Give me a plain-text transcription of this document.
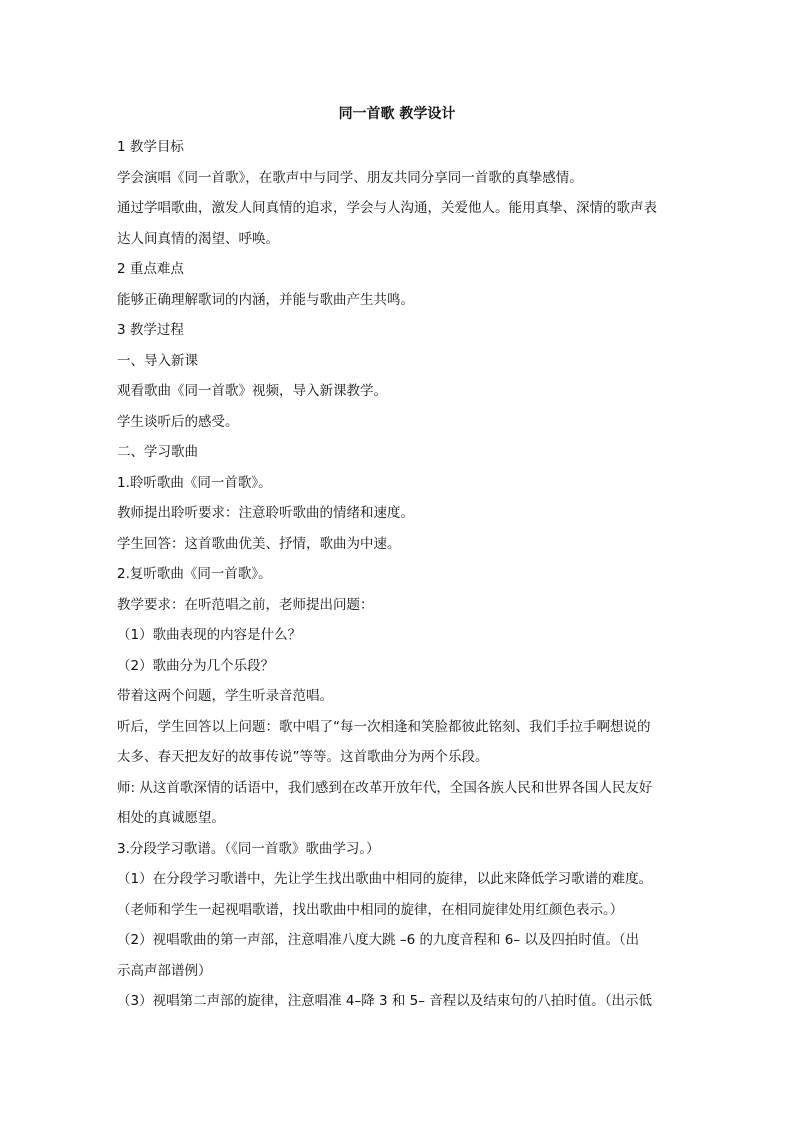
同一首歌 教学设计
1 教学目标
学会演唱《同一首歌》，在歌声中与同学、朋友共同分享同一首歌的真挚感情。
通过学唱歌曲，激发人间真情的追求，学会与人沟通，关爱他人。能用真挚、深情的歌声表
达人间真情的渴望、呼唤。
2 重点难点
能够正确理解歌词的内涵，并能与歌曲产生共鸣。
3 教学过程
一、导入新课
观看歌曲《同一首歌》视频，导入新课教学。
学生谈听后的感受。
二、学习歌曲
1.聆听歌曲《同一首歌》。
教师提出聆听要求：注意聆听歌曲的情绪和速度。
学生回答：这首歌曲优美、抒情，歌曲为中速。
2.复听歌曲《同一首歌》。
教学要求：在听范唱之前，老师提出问题：
（1）歌曲表现的内容是什么？
（2）歌曲分为几个乐段？
带着这两个问题，学生听录音范唱。
听后，学生回答以上问题：歌中唱了“每一次相逢和笑脸都彼此铭刻、我们手拉手啊想说的
太多、春天把友好的故事传说”等等。这首歌曲分为两个乐段。
师: 从这首歌深情的话语中，我们感到在改革开放年代，全国各族人民和世界各国人民友好
相处的真诚愿望。
3.分段学习歌谱。（《同一首歌》歌曲学习。）
（1）在分段学习歌谱中，先让学生找出歌曲中相同的旋律，以此来降低学习歌谱的难度。
（老师和学生一起视唱歌谱，找出歌曲中相同的旋律，在相同旋律处用红颜色表示。）
（2）视唱歌曲的第一声部，注意唱准八度大跳 –6 的九度音程和 6– 以及四拍时值。（出
示高声部谱例）
（3）视唱第二声部的旋律，注意唱准 4–降 3 和 5– 音程以及结束句的八拍时值。（出示低
